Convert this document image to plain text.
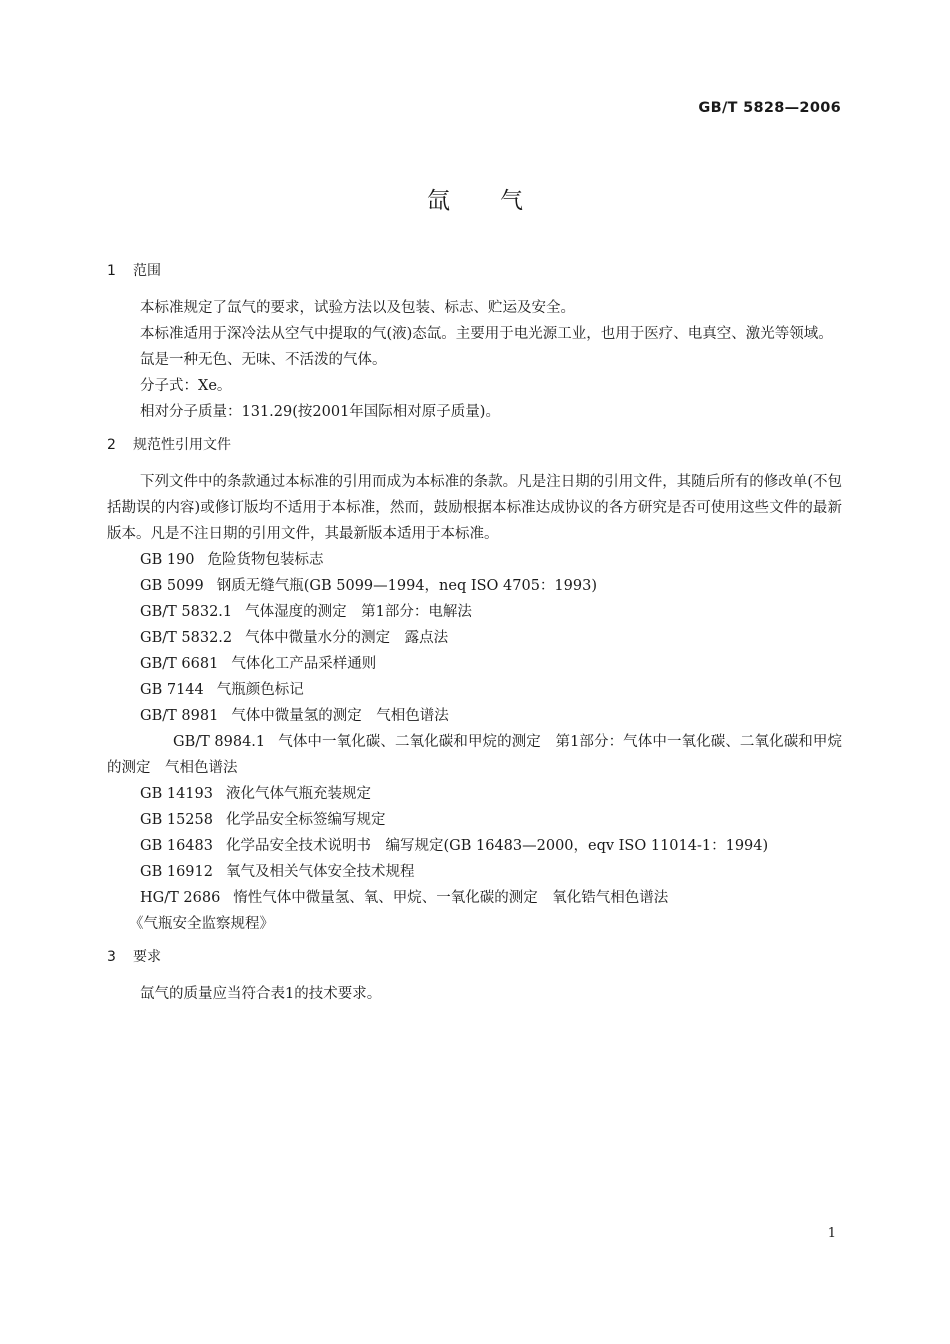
GB/T 5828—2006
氙气
1 范围

本标准规定了氙气的要求，试验方法以及包装、标志、贮运及安全。

本标准适用于深冷法从空气中提取的气(液)态氙。主要用于电光源工业，也用于医疗、电真空、激光等领域。

氙是一种无色、无味、不活泼的气体。

分子式：Xe。

相对分子质量：131.29(按2001年国际相对原子质量)。

2 规范性引用文件

下列文件中的条款通过本标准的引用而成为本标准的条款。凡是注日期的引用文件，其随后所有的修改单(不包括勘误的内容)或修订版均不适用于本标准，然而，鼓励根据本标准达成协议的各方研究是否可使用这些文件的最新版本。凡是不注日期的引用文件，其最新版本适用于本标准。

GB 190 危险货物包装标志

GB 5099 钢质无缝气瓶(GB 5099—1994，neq ISO 4705：1993)

GB/T 5832.1 气体湿度的测定　第1部分：电解法

GB/T 5832.2 气体中微量水分的测定　露点法

GB/T 6681 气体化工产品采样通则

GB 7144 气瓶颜色标记

GB/T 8981 气体中微量氢的测定　气相色谱法

GB/T 8984.1 气体中一氧化碳、二氧化碳和甲烷的测定　第1部分：气体中一氧化碳、二氧化碳和甲烷的测定　气相色谱法

GB 14193 液化气体气瓶充装规定

GB 15258 化学品安全标签编写规定

GB 16483 化学品安全技术说明书　编写规定(GB 16483—2000，eqv ISO 11014-1：1994)

GB 16912 氧气及相关气体安全技术规程

HG/T 2686 惰性气体中微量氢、氧、甲烷、一氧化碳的测定　氧化锆气相色谱法

《气瓶安全监察规程》

3 要求

氙气的质量应当符合表1的技术要求。

1
